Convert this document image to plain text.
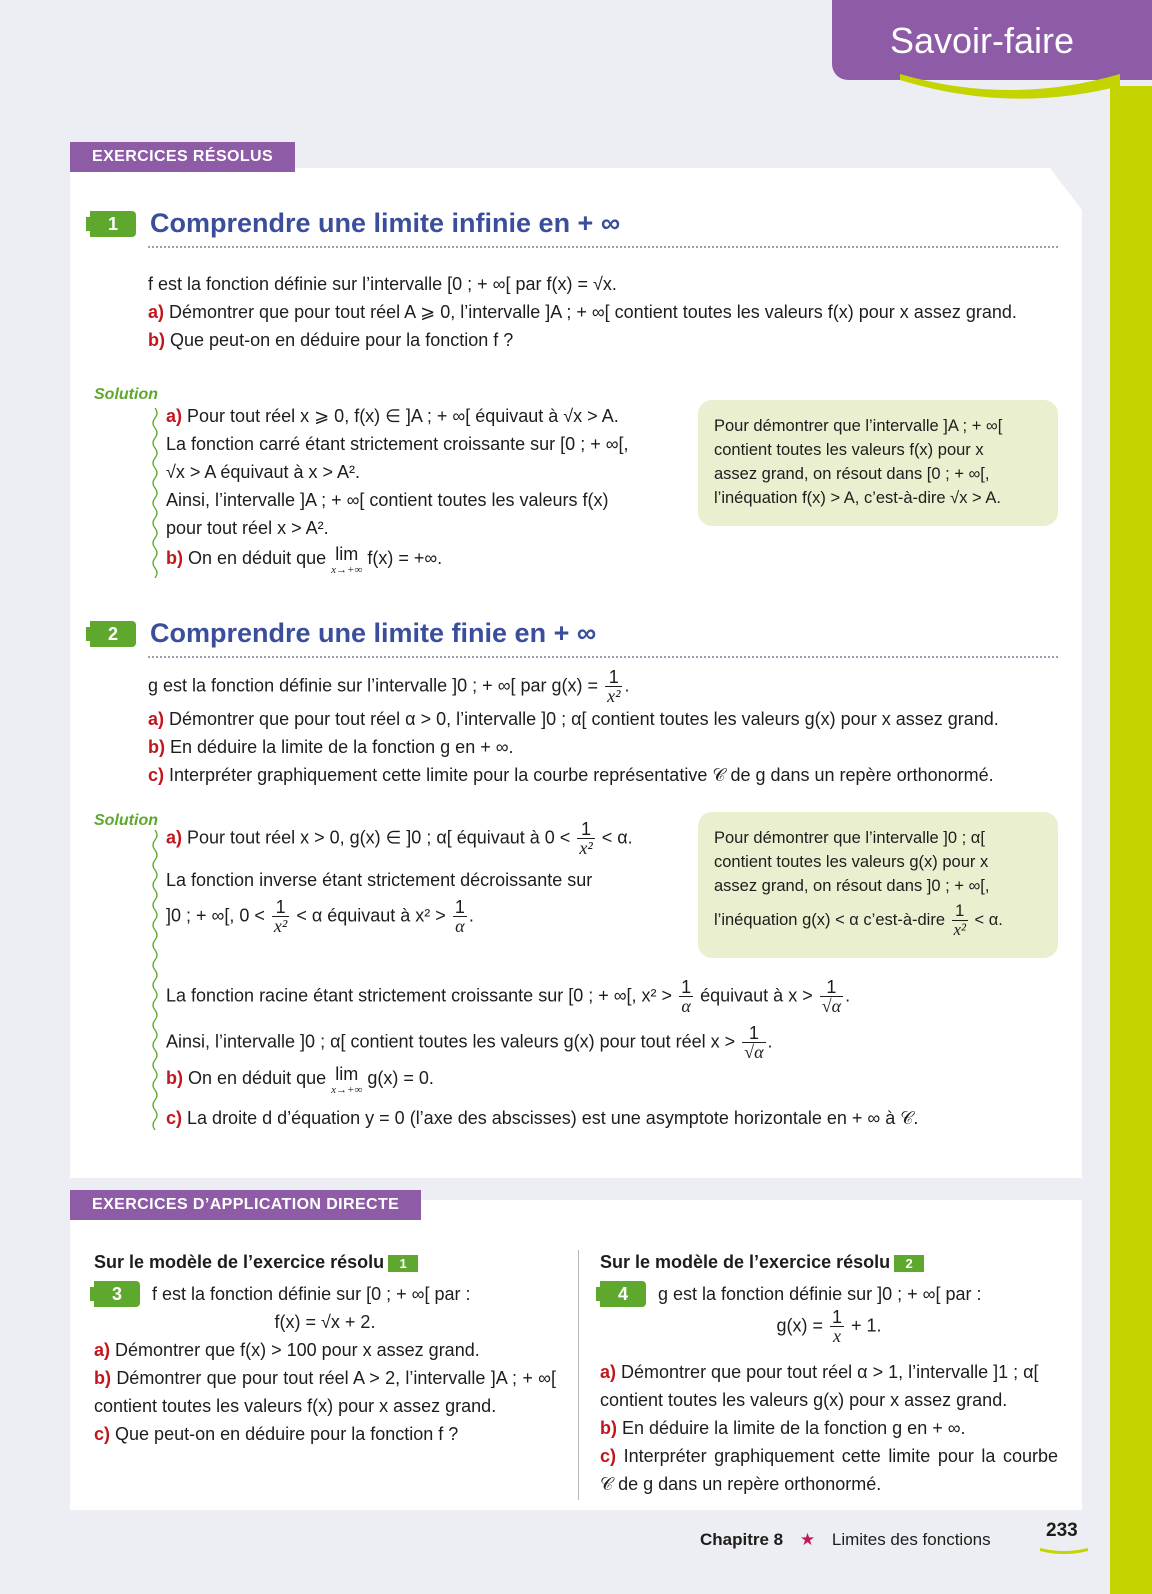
Savoir-faire
EXERCICES RÉSOLUS
1	Comprendre une limite infinie en + ∞
f est la fonction définie sur l’intervalle [0 ; + ∞[ par f(x) = √x.
a) Démontrer que pour tout réel A ⩾ 0, l’intervalle ]A ; + ∞[ contient toutes les valeurs f(x) pour x assez grand.
b) Que peut-on en déduire pour la fonction f ?
Solution
a) Pour tout réel x ⩾ 0, f(x) ∈ ]A ; + ∞[ équivaut à √x > A.
La fonction carré étant strictement croissante sur [0 ; + ∞[,
√x > A équivaut à x > A².
Ainsi, l’intervalle ]A ; + ∞[ contient toutes les valeurs f(x)
pour tout réel x > A².
b) On en déduit que lim
x→+∞
f(x) = +∞.
Pour démontrer que l’intervalle ]A ; + ∞[
contient toutes les valeurs f(x) pour x
assez grand, on résout dans [0 ; + ∞[,
l’inéquation f(x) > A, c’est-à-dire √x > A.
2	Comprendre une limite finie en + ∞
g est la fonction définie sur l’intervalle ]0 ; + ∞[ par $g(x) = \frac{1}{\text{x²}}$ .
a) Démontrer que pour tout réel α > 0, l’intervalle ]0 ; α[ contient toutes les valeurs g(x) pour x assez grand.
b) En déduire la limite de la fonction g en + ∞.
c) Interpréter graphiquement cette limite pour la courbe représentative 𝒞 de g dans un repère orthonormé.
Solution
a) Pour tout réel x > 0, g(x) ∈ ]0 ; α[ équivaut à $0 < \frac{1}{\text{x²}} < \alpha$.
La fonction inverse étant strictement décroissante sur
]0 ; + ∞[, $0 < \frac{1}{\text{x²}} < \alpha$ équivaut à $x^2 > \frac{1}{\alpha}$ .
Pour démontrer que l’intervalle ]0 ; α[
contient toutes les valeurs g(x) pour x
assez grand, on résout dans ]0 ; + ∞[,
l’inéquation g(x) < α c’est-à-dire $\frac{1}{\text{x²}} < \alpha$.
La fonction racine étant strictement croissante sur [0 ; + ∞[, $x^2 > \frac{1}{\alpha}$ équivaut à $x > \frac{1}{√\alpha}$ .
Ainsi, l’intervalle ]0 ; α[ contient toutes les valeurs g(x) pour tout réel $x > \frac{1}{√\alpha}$ .
b) On en déduit que lim
x→+∞
g(x) = 0.
c) La droite d d’équation y = 0 (l’axe des abscisses) est une asymptote horizontale en + ∞ à 𝒞.
EXERCICES D’APPLICATION DIRECTE
Sur le modèle de l’exercice résolu 1
3 f est la fonction définie sur [0 ; + ∞[ par :
f(x) = √x + 2.
a) Démontrer que f(x) > 100 pour x assez grand.
b) Démontrer que pour tout réel A > 2, l’intervalle ]A ; + ∞[ contient toutes les valeurs f(x) pour x assez grand.
c) Que peut-on en déduire pour la fonction f ?
Sur le modèle de l’exercice résolu 2
4 g est la fonction définie sur ]0 ; + ∞[ par :
$g(x) = \frac{1}{x} + 1$.
a) Démontrer que pour tout réel α > 1, l’intervalle ]1 ; α[ contient toutes les valeurs g(x) pour x assez grand.
b) En déduire la limite de la fonction g en + ∞.
c) Interpréter graphiquement cette limite pour la courbe 𝒞 de g dans un repère orthonormé.
Chapitre 8 ★ Limites des fonctions	233
